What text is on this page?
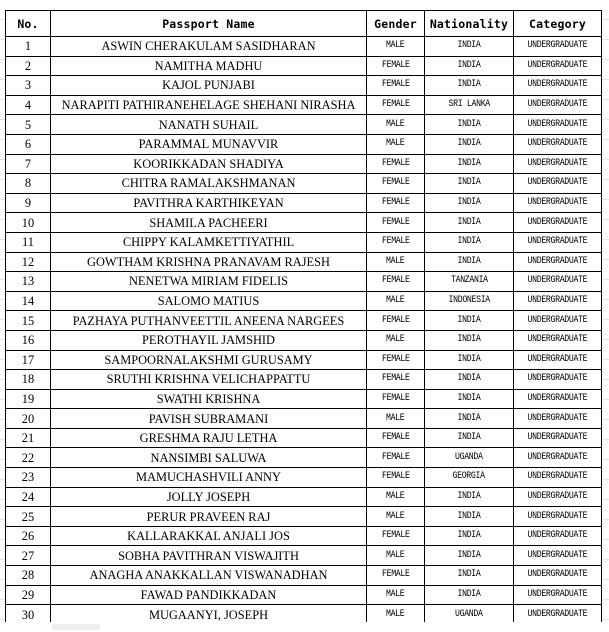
No.	Passport Name	Gender	Nationality	Category
1	ASWIN CHERAKULAM SASIDHARAN	MALE	INDIA	UNDERGRADUATE
2	NAMITHA MADHU	FEMALE	INDIA	UNDERGRADUATE
3	KAJOL PUNJABI	FEMALE	INDIA	UNDERGRADUATE
4	NARAPITI PATHIRANEHELAGE SHEHANI NIRASHA	FEMALE	SRI LANKA	UNDERGRADUATE
5	NANATH SUHAIL	MALE	INDIA	UNDERGRADUATE
6	PARAMMAL MUNAVVIR	MALE	INDIA	UNDERGRADUATE
7	KOORIKKADAN SHADIYA	FEMALE	INDIA	UNDERGRADUATE
8	CHITRA RAMALAKSHMANAN	FEMALE	INDIA	UNDERGRADUATE
9	PAVITHRA KARTHIKEYAN	FEMALE	INDIA	UNDERGRADUATE
10	SHAMILA PACHEERI	FEMALE	INDIA	UNDERGRADUATE
11	CHIPPY KALAMKETTIYATHIL	FEMALE	INDIA	UNDERGRADUATE
12	GOWTHAM KRISHNA PRANAVAM RAJESH	MALE	INDIA	UNDERGRADUATE
13	NENETWA MIRIAM FIDELIS	FEMALE	TANZANIA	UNDERGRADUATE
14	SALOMO MATIUS	MALE	INDONESIA	UNDERGRADUATE
15	PAZHAYA PUTHANVEETTIL ANEENA NARGEES	FEMALE	INDIA	UNDERGRADUATE
16	PEROTHAYIL JAMSHID	MALE	INDIA	UNDERGRADUATE
17	SAMPOORNALAKSHMI GURUSAMY	FEMALE	INDIA	UNDERGRADUATE
18	SRUTHI KRISHNA VELICHAPPATTU	FEMALE	INDIA	UNDERGRADUATE
19	SWATHI KRISHNA	FEMALE	INDIA	UNDERGRADUATE
20	PAVISH SUBRAMANI	MALE	INDIA	UNDERGRADUATE
21	GRESHMA RAJU LETHA	FEMALE	INDIA	UNDERGRADUATE
22	NANSIMBI SALUWA	FEMALE	UGANDA	UNDERGRADUATE
23	MAMUCHASHVILI ANNY	FEMALE	GEORGIA	UNDERGRADUATE
24	JOLLY JOSEPH	MALE	INDIA	UNDERGRADUATE
25	PERUR PRAVEEN RAJ	MALE	INDIA	UNDERGRADUATE
26	KALLARAKKAL ANJALI JOS	FEMALE	INDIA	UNDERGRADUATE
27	SOBHA PAVITHRAN VISWAJITH	MALE	INDIA	UNDERGRADUATE
28	ANAGHA ANAKKALLAN VISWANADHAN	FEMALE	INDIA	UNDERGRADUATE
29	FAWAD PANDIKKADAN	MALE	INDIA	UNDERGRADUATE
30	MUGAANYI, JOSEPH	MALE	UGANDA	UNDERGRADUATE
